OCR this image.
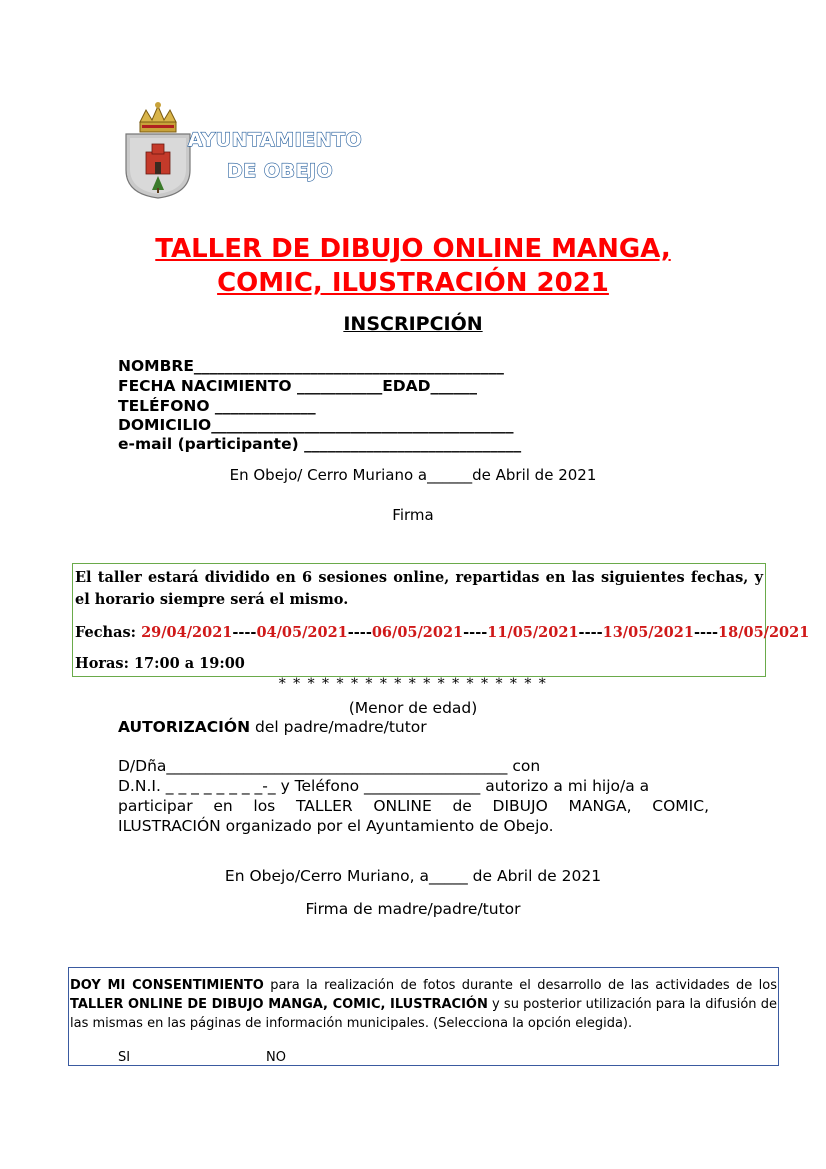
AYUNTAMIENTO
DE OBEJO
TALLER DE DIBUJO ONLINE MANGA,
COMIC, ILUSTRACIÓN 2021
INSCRIPCIÓN
NOMBRE________________________________________
FECHA NACIMIENTO ___________EDAD______
TELÉFONO _____________
DOMICILIO_______________________________________
e-mail (participante) ____________________________
En Obejo/ Cerro Muriano a______de Abril de 2021
Firma

El taller estará dividido en 6 sesiones online, repartidas en las siguientes fechas, y el horario siempre será el mismo.

Fechas: 29/04/2021----04/05/2021----06/05/2021----11/05/2021----13/05/2021----18/05/2021

Horas: 17:00 a 19:00

* * * * * * * * * * * * * * * * * * *
(Menor de edad)
AUTORIZACIÓN del padre/madre/tutor
D/Dña____________________________________________ con
D.N.I. _ _ _ _ _ _ _ _-_ y Teléfono _______________ autorizo a mi hijo/a a
participar en los TALLER ONLINE de DIBUJO MANGA, COMIC,
ILUSTRACIÓN organizado por el Ayuntamiento de Obejo.
En Obejo/Cerro Muriano, a_____ de Abril de 2021
Firma de madre/padre/tutor

DOY MI CONSENTIMIENTO para la realización de fotos durante el desarrollo de las actividades de los TALLER ONLINE DE DIBUJO MANGA, COMIC, ILUSTRACIÓN y su posterior utilización para la difusión de las mismas en las páginas de información municipales. (Selecciona la opción elegida).

SI	NO
